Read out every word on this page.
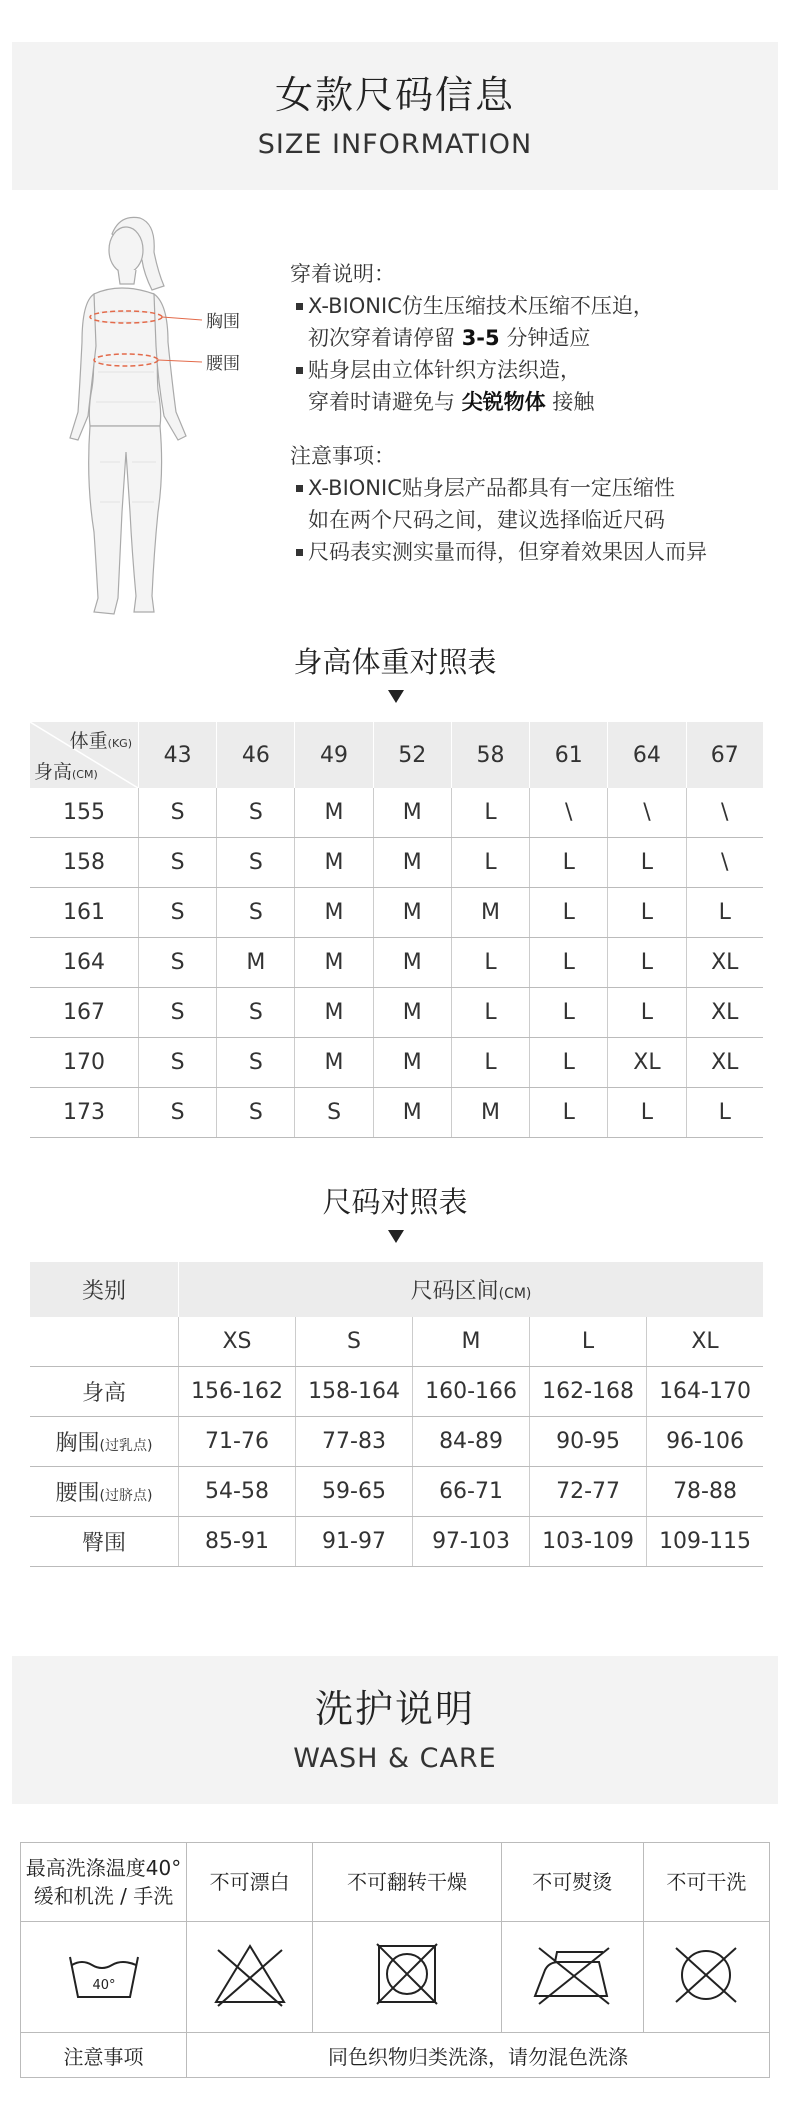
女款尺码信息
SIZE INFORMATION
胸围
腰围
穿着说明：
X-BIONIC仿生压缩技术压缩不压迫，
初次穿着请停留 3-5 分钟适应
贴身层由立体针织方法织造，
穿着时请避免与 尖锐物体 接触
注意事项：
X-BIONIC贴身层产品都具有一定压缩性
如在两个尺码之间，建议选择临近尺码
尺码表实测实量而得，但穿着效果因人而异
身高体重对照表
体重(KG)
身高(CM)	43	46	49	52	58	61	64	67
155	S	S	M	M	L	\	\	\
158	S	S	M	M	L	L	L	\
161	S	S	M	M	M	L	L	L
164	S	M	M	M	L	L	L	XL
167	S	S	M	M	L	L	L	XL
170	S	S	M	M	L	L	XL	XL
173	S	S	S	M	M	L	L	L
尺码对照表
类别	尺码区间(CM)				
	XS	S	M	L	XL
身高	156-162	158-164	160-166	162-168	164-170
胸围(过乳点)	71-76	77-83	84-89	90-95	96-106
腰围(过脐点)	54-58	59-65	66-71	72-77	78-88
臀围	85-91	91-97	97-103	103-109	109-115
洗护说明
WASH & CARE
最高洗涤温度40°
缓和机洗 / 手洗	不可漂白	不可翻转干燥	不可熨烫	不可干洗

40°

注意事项	同色织物归类洗涤，请勿混色洗涤			
